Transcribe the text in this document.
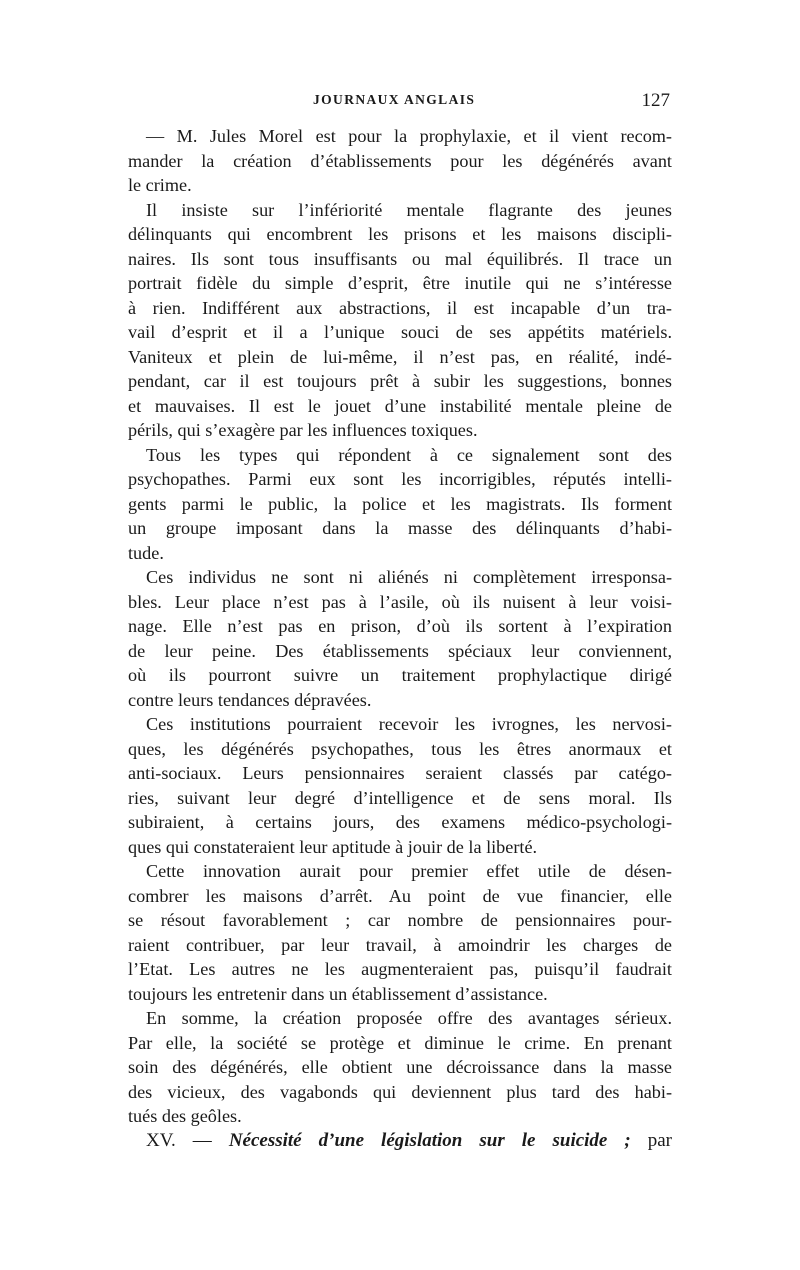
JOURNAUX ANGLAIS	127
— M. Jules Morel est pour la prophylaxie, et il vient recom-
mander la création d’établissements pour les dégénérés avant
le crime.
Il insiste sur l’infériorité mentale flagrante des jeunes
délinquants qui encombrent les prisons et les maisons discipli-
naires. Ils sont tous insuffisants ou mal équilibrés. Il trace un
portrait fidèle du simple d’esprit, être inutile qui ne s’intéresse
à rien. Indifférent aux abstractions, il est incapable d’un tra-
vail d’esprit et il a l’unique souci de ses appétits matériels.
Vaniteux et plein de lui-même, il n’est pas, en réalité, indé-
pendant, car il est toujours prêt à subir les suggestions, bonnes
et mauvaises. Il est le jouet d’une instabilité mentale pleine de
périls, qui s’exagère par les influences toxiques.
Tous les types qui répondent à ce signalement sont des
psychopathes. Parmi eux sont les incorrigibles, réputés intelli-
gents parmi le public, la police et les magistrats. Ils forment
un groupe imposant dans la masse des délinquants d’habi-
tude.
Ces individus ne sont ni aliénés ni complètement irresponsa-
bles. Leur place n’est pas à l’asile, où ils nuisent à leur voisi-
nage. Elle n’est pas en prison, d’où ils sortent à l’expiration
de leur peine. Des établissements spéciaux leur conviennent,
où ils pourront suivre un traitement prophylactique dirigé
contre leurs tendances dépravées.
Ces institutions pourraient recevoir les ivrognes, les nervosi-
ques, les dégénérés psychopathes, tous les êtres anormaux et
anti-sociaux. Leurs pensionnaires seraient classés par catégo-
ries, suivant leur degré d’intelligence et de sens moral. Ils
subiraient, à certains jours, des examens médico-psychologi-
ques qui constateraient leur aptitude à jouir de la liberté.
Cette innovation aurait pour premier effet utile de désen-
combrer les maisons d’arrêt. Au point de vue financier, elle
se résout favorablement ; car nombre de pensionnaires pour-
raient contribuer, par leur travail, à amoindrir les charges de
l’Etat. Les autres ne les augmenteraient pas, puisqu’il faudrait
toujours les entretenir dans un établissement d’assistance.
En somme, la création proposée offre des avantages sérieux.
Par elle, la société se protège et diminue le crime. En prenant
soin des dégénérés, elle obtient une décroissance dans la masse
des vicieux, des vagabonds qui deviennent plus tard des habi-
tués des geôles.
XV. — Nécessité d’une législation sur le suicide ; par
